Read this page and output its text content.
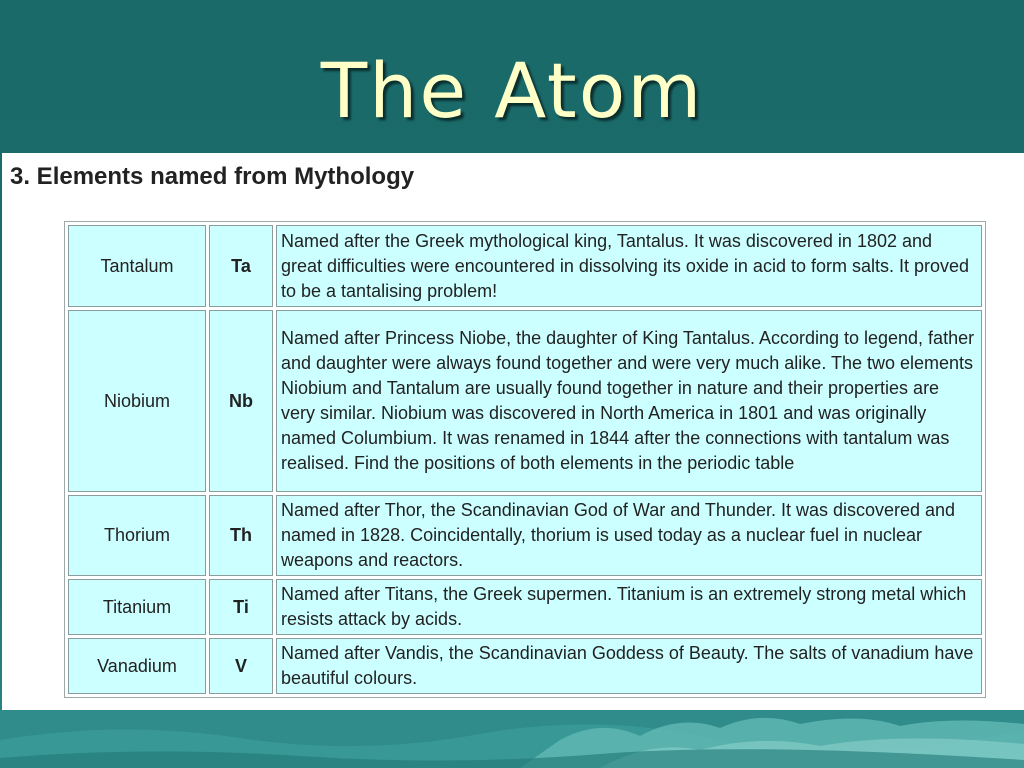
The Atom
3. Elements named from Mythology
Tantalum	Ta	Named after the Greek mythological king, Tantalus. It was discovered in 1802 and great difficulties were encountered in dissolving its oxide in acid to form salts. It proved to be a tantalising problem!
Niobium	Nb	Named after Princess Niobe, the daughter of King Tantalus. According to legend, father and daughter were always found together and were very much alike. The two elements Niobium and Tantalum are usually found together in nature and their properties are very similar. Niobium was discovered in North America in 1801 and was originally named Columbium. It was renamed in 1844 after the connections with tantalum was realised. Find the positions of both elements in the periodic table
Thorium	Th	Named after Thor, the Scandinavian God of War and Thunder. It was discovered and named in 1828. Coincidentally, thorium is used today as a nuclear fuel in nuclear weapons and reactors.
Titanium	Ti	Named after Titans, the Greek supermen. Titanium is an extremely strong metal which resists attack by acids.
Vanadium	V	Named after Vandis, the Scandinavian Goddess of Beauty. The salts of vanadium have beautiful colours.
